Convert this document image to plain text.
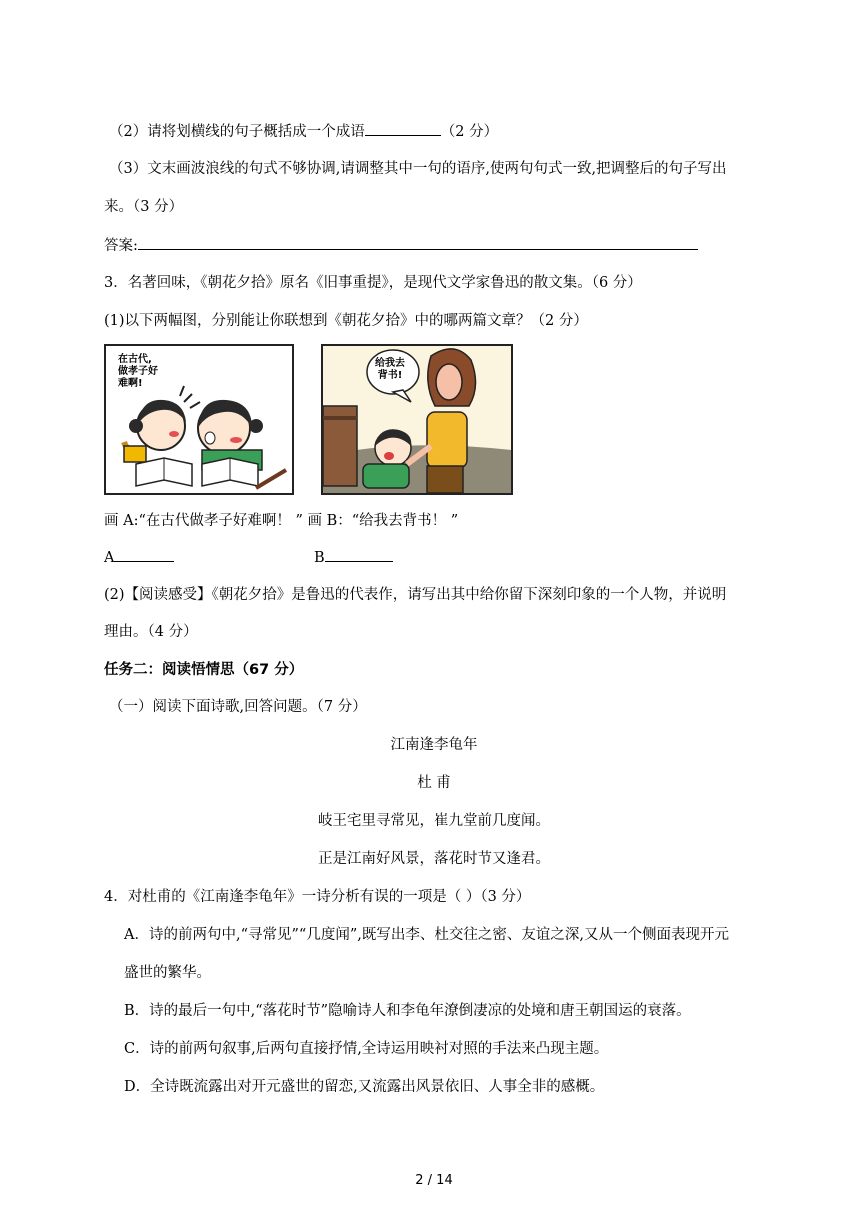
（2）请将划横线的句子概括成一个成语	（2 分）
（3）文末画波浪线的句式不够协调,请调整其中一句的语序,使两句句式一致,把调整后的句子写出
来。（3 分）
答案:
3．名著回味，《朝花夕拾》原名《旧事重提》，是现代文学家鲁迅的散文集。（6 分）
(1)以下两幅图，分别能让你联想到《朝花夕拾》中的哪两篇文章？（2 分）
在古代,
做孝子好
难啊!
给我去
背书!
画 A:“在古代做孝子好难啊！ ” 画 B：“给我去背书！ ”
A	B
(2)【阅读感受】《朝花夕拾》是鲁迅的代表作，请写出其中给你留下深刻印象的一个人物，并说明
理由。（4 分）
任务二：阅读悟情思（67 分）
（一）阅读下面诗歌,回答问题。（7 分）
江南逢李龟年
杜 甫
岐王宅里寻常见，崔九堂前几度闻。
正是江南好风景，落花时节又逢君。
4．对杜甫的《江南逢李龟年》一诗分析有误的一项是（ ）（3 分）
A．诗的前两句中,“寻常见”“几度闻”,既写出李、杜交往之密、友谊之深,又从一个侧面表现开元
盛世的繁华。
B．诗的最后一句中,“落花时节”隐喻诗人和李龟年潦倒凄凉的处境和唐王朝国运的衰落。
C．诗的前两句叙事,后两句直接抒情,全诗运用映衬对照的手法来凸现主题。
D．全诗既流露出对开元盛世的留恋,又流露出风景依旧、人事全非的感概。
2 / 14
